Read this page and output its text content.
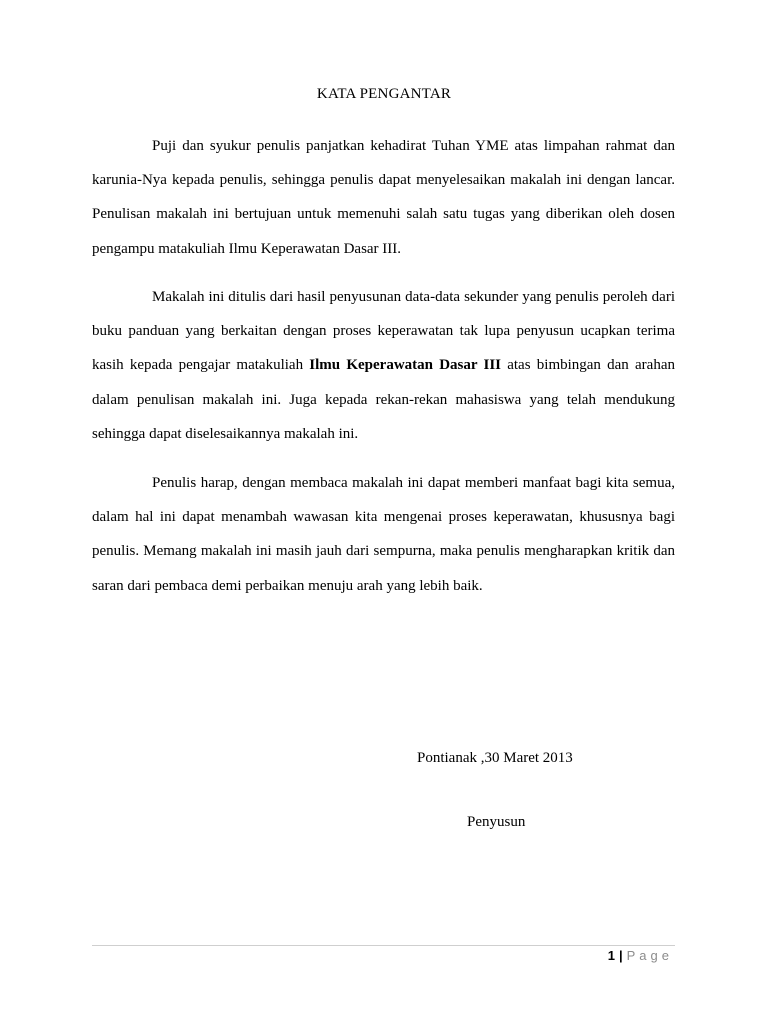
KATA PENGANTAR

Puji dan syukur penulis panjatkan kehadirat Tuhan YME atas limpahan rahmat dan karunia-Nya kepada penulis, sehingga penulis dapat menyelesaikan makalah ini dengan lancar. Penulisan makalah ini bertujuan untuk memenuhi salah satu tugas yang diberikan oleh dosen pengampu matakuliah Ilmu Keperawatan Dasar III.

Makalah ini ditulis dari hasil penyusunan data-data sekunder yang penulis peroleh dari buku panduan yang berkaitan dengan proses keperawatan tak lupa penyusun ucapkan terima kasih kepada pengajar matakuliah Ilmu Keperawatan Dasar III atas bimbingan dan arahan dalam penulisan makalah ini. Juga kepada rekan-rekan mahasiswa yang telah mendukung sehingga dapat diselesaikannya makalah ini.

Penulis harap, dengan membaca makalah ini dapat memberi manfaat bagi kita semua, dalam hal ini dapat menambah wawasan kita mengenai proses keperawatan, khususnya bagi penulis. Memang makalah ini masih jauh dari sempurna, maka penulis mengharapkan kritik dan saran dari pembaca demi perbaikan menuju arah yang lebih baik.

Pontianak ,30 Maret 2013

Penyusun

1 | Page
